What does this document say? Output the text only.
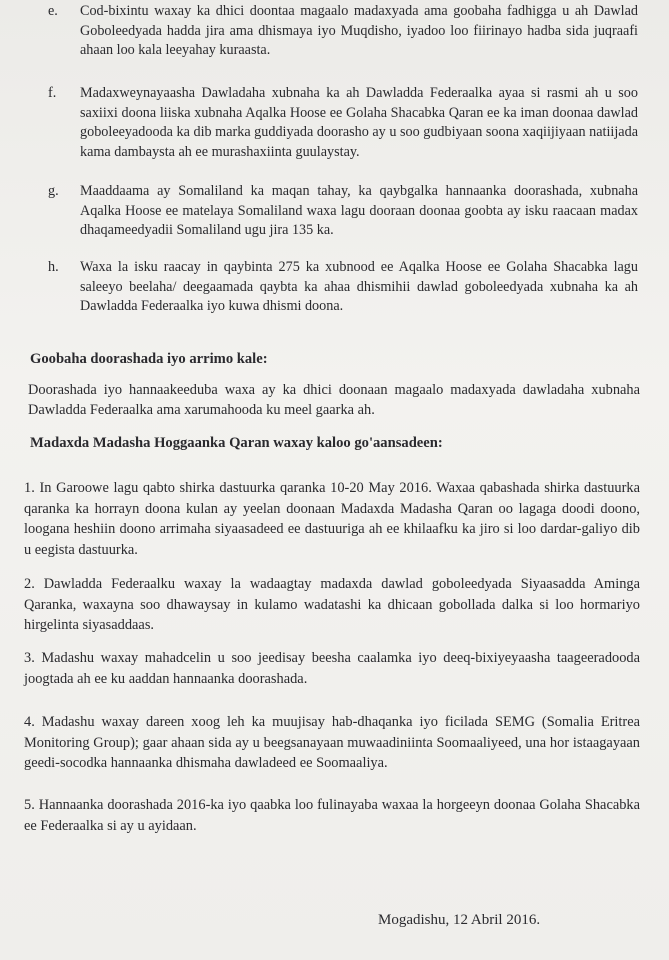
e.	Cod-bixintu waxay ka dhici doontaa magaalo madaxyada ama goobaha fadhigga u ah Dawlad Goboleedyada hadda jira ama dhismaya iyo Muqdisho, iyadoo loo fiirinayo hadba sida juqraafi ahaan loo kala leeyahay kuraasta.
f.	Madaxweynayaasha Dawladaha xubnaha ka ah Dawladda Federaalka ayaa si rasmi ah u soo saxiixi doona liiska xubnaha Aqalka Hoose ee Golaha Shacabka Qaran ee ka iman doonaa dawlad goboleeyadooda ka dib marka guddiyada doorasho ay u soo gudbiyaan soona xaqiijiyaan natiijada kama dambaysta ah ee murashaxiinta guulaystay.
g.	Maaddaama ay Somaliland ka maqan tahay, ka qaybgalka hannaanka doorashada, xubnaha Aqalka Hoose ee matelaya Somaliland waxa lagu dooraan doonaa goobta ay isku raacaan madax dhaqameedyadii Somaliland ugu jira 135 ka.
h.	Waxa la isku raacay in qaybinta 275 ka xubnood ee Aqalka Hoose ee Golaha Shacabka lagu saleeyo beelaha/ deegaamada qaybta ka ahaa dhismihii dawlad goboleedyada xubnaha ka ah Dawladda Federaalka iyo kuwa dhismi doona.
Goobaha doorashada iyo arrimo kale:
Doorashada iyo hannaakeeduba waxa ay ka dhici doonaan magaalo madaxyada dawladaha xubnaha Dawladda Federaalka ama xarumahooda ku meel gaarka ah.
Madaxda Madasha Hoggaanka Qaran waxay kaloo go'aansadeen:
1. In Garoowe lagu qabto shirka dastuurka qaranka 10-20 May 2016. Waxaa qabashada shirka dastuurka qaranka ka horrayn doona kulan ay yeelan doonaan Madaxda Madasha Qaran oo lagaga doodi doono, loogana heshiin doono arrimaha siyaasadeed ee dastuuriga ah ee khilaafku ka jiro si loo dardar-galiyo dib u eegista dastuurka.
2. Dawladda Federaalku waxay la wadaagtay madaxda dawlad goboleedyada Siyaasadda Aminga Qaranka, waxayna soo dhawaysay in kulamo wadatashi ka dhicaan gobollada dalka si loo hormariyo hirgelinta siyasaddaas.
3. Madashu waxay mahadcelin u soo jeedisay beesha caalamka iyo deeq-bixiyeyaasha taageeradooda joogtada ah ee ku aaddan hannaanka doorashada.
4. Madashu waxay dareen xoog leh ka muujisay hab-dhaqanka iyo ficilada SEMG (Somalia Eritrea Monitoring Group); gaar ahaan sida ay u beegsanayaan muwaadiniinta Soomaaliyeed, una hor istaagayaan geedi-socodka hannaanka dhismaha dawladeed ee Soomaaliya.
5. Hannaanka doorashada 2016-ka iyo qaabka loo fulinayaba waxaa la horgeeyn doonaa Golaha Shacabka ee Federaalka si ay u ayidaan.
Mogadishu, 12 Abril 2016.
